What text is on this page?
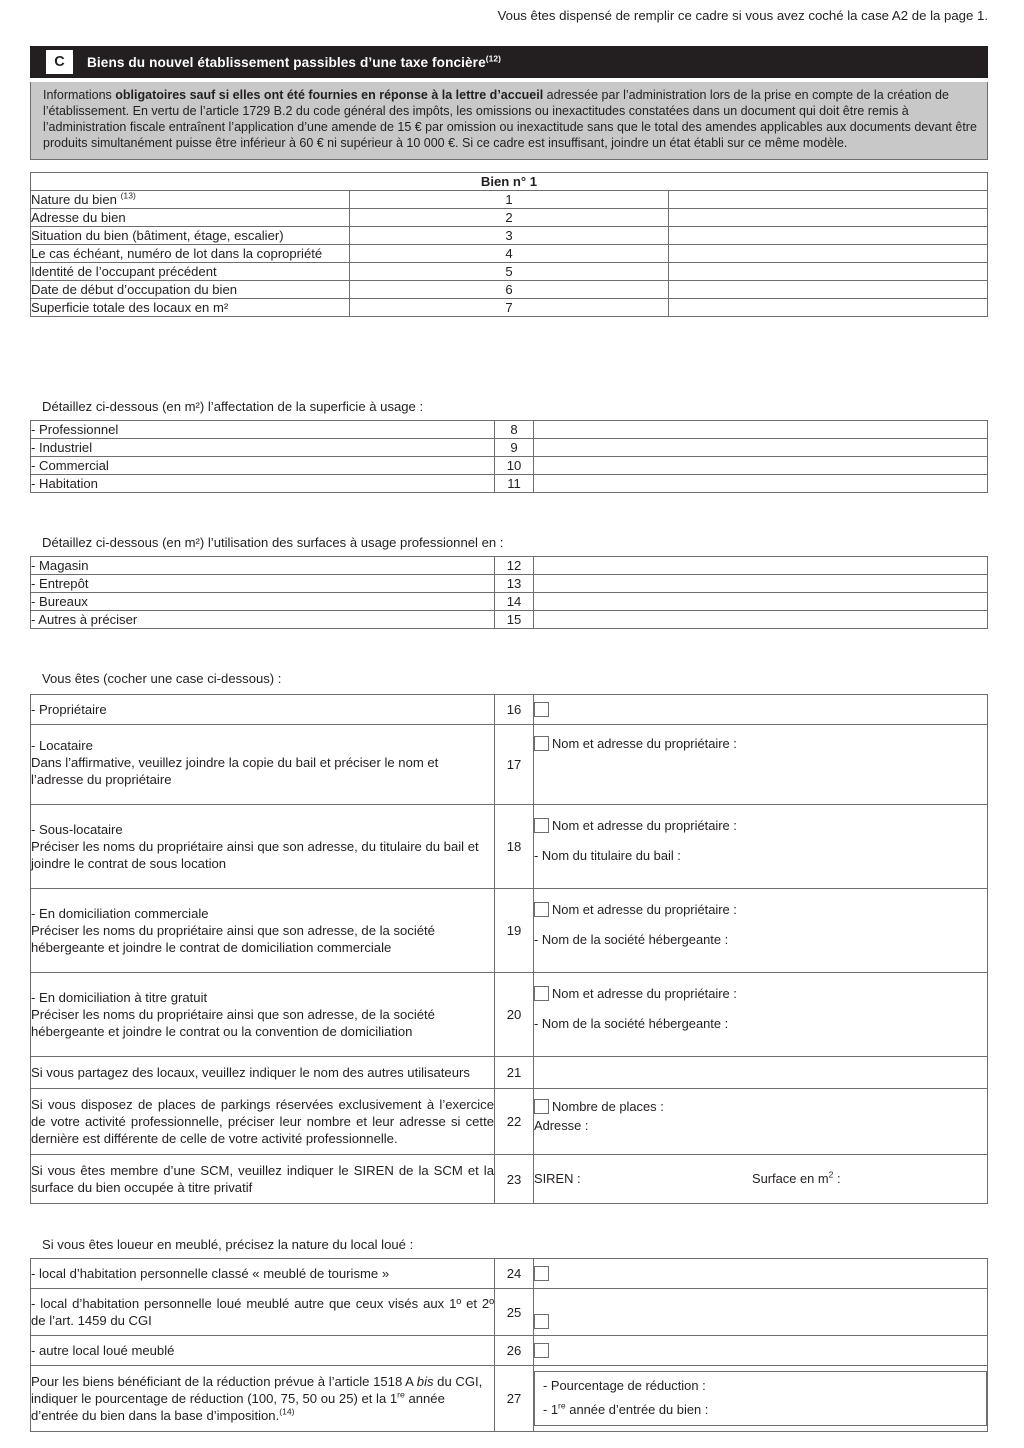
Vous êtes dispensé de remplir ce cadre si vous avez coché la case A2 de la page 1.
C	Biens du nouvel établissement passibles d’une taxe foncière$^{(12)}$
Informations obligatoires sauf si elles ont été fournies en réponse à la lettre d’accueil adressée par l’administration lors de la prise en compte de la création de l’établissement. En vertu de l’article 1729 B.2 du code général des impôts, les omissions ou inexactitudes constatées dans un document qui doit être remis à l’administration fiscale entraînent l’application d’une amende de 15 € par omission ou inexactitude sans que le total des amendes applicables aux documents devant être produits simultanément puisse être inférieur à 60 € ni supérieur à 10 000 €. Si ce cadre est insuffisant, joindre un état établi sur ce même modèle.
Bien n° 1		
Nature du bien $^{(13)}$	1	
Adresse du bien	2	
Situation du bien (bâtiment, étage, escalier)	3	
Le cas échéant, numéro de lot dans la copropriété	4	
Identité de l’occupant précédent	5	
Date de début d’occupation du bien	6	
Superficie totale des locaux en m²	7	
Détaillez ci-dessous (en m²) l’affectation de la superficie à usage :
- Professionnel	8	
- Industriel	9	
- Commercial	10	
- Habitation	11	
Détaillez ci-dessous (en m²) l’utilisation des surfaces à usage professionnel en :
- Magasin	12	
- Entrepôt	13	
- Bureaux	14	
- Autres à préciser	15	
Vous êtes (cocher une case ci-dessous) :
- Propriétaire	16	

- Locataire
Dans l’affirmative, veuillez joindre la copie du bail et préciser le nom et l’adresse du propriétaire	17	Nom et adresse du propriétaire :

- Sous-locataire
Préciser les noms du propriétaire ainsi que son adresse, du titulaire du bail et joindre le contrat de sous location	18	Nom et adresse du propriétaire :
- Nom du titulaire du bail :

- En domiciliation commerciale
Préciser les noms du propriétaire ainsi que son adresse, de la société hébergeante et joindre le contrat de domiciliation commerciale	19	Nom et adresse du propriétaire :
- Nom de la société hébergeante :

- En domiciliation à titre gratuit
Préciser les noms du propriétaire ainsi que son adresse, de la société hébergeante et joindre le contrat ou la convention de domiciliation	20	Nom et adresse du propriétaire :
- Nom de la société hébergeante :

Si vous partagez des locaux, veuillez indiquer le nom des autres utilisateurs	21	
Si vous disposez de places de parkings réservées exclusivement à l’exercice de votre activité professionnelle, préciser leur nombre et leur adresse si cette dernière est différente de celle de votre activité professionnelle.	22	Nombre de places :
Adresse :

Si vous êtes membre d’une SCM, veuillez indiquer le SIREN de la SCM et la surface du bien occupée à titre privatif	23	SIREN : Surface en $m^2$ :
Si vous êtes loueur en meublé, précisez la nature du local loué :
- local d’habitation personnelle classé « meublé de tourisme »	24	
- local d’habitation personnelle loué meublé autre que ceux visés aux 1º et 2º de l’art. 1459 du CGI	25	
- autre local loué meublé	26	
Pour les biens bénéficiant de la réduction prévue à l’article 1518 A bis du CGI, indiquer le pourcentage de réduction (100, 75, 50 ou 25) et la 1re année d’entrée du bien dans la base d’imposition.$^{(14)}$	27	- Pourcentage de réduction :
- 1re année d’entrée du bien :
